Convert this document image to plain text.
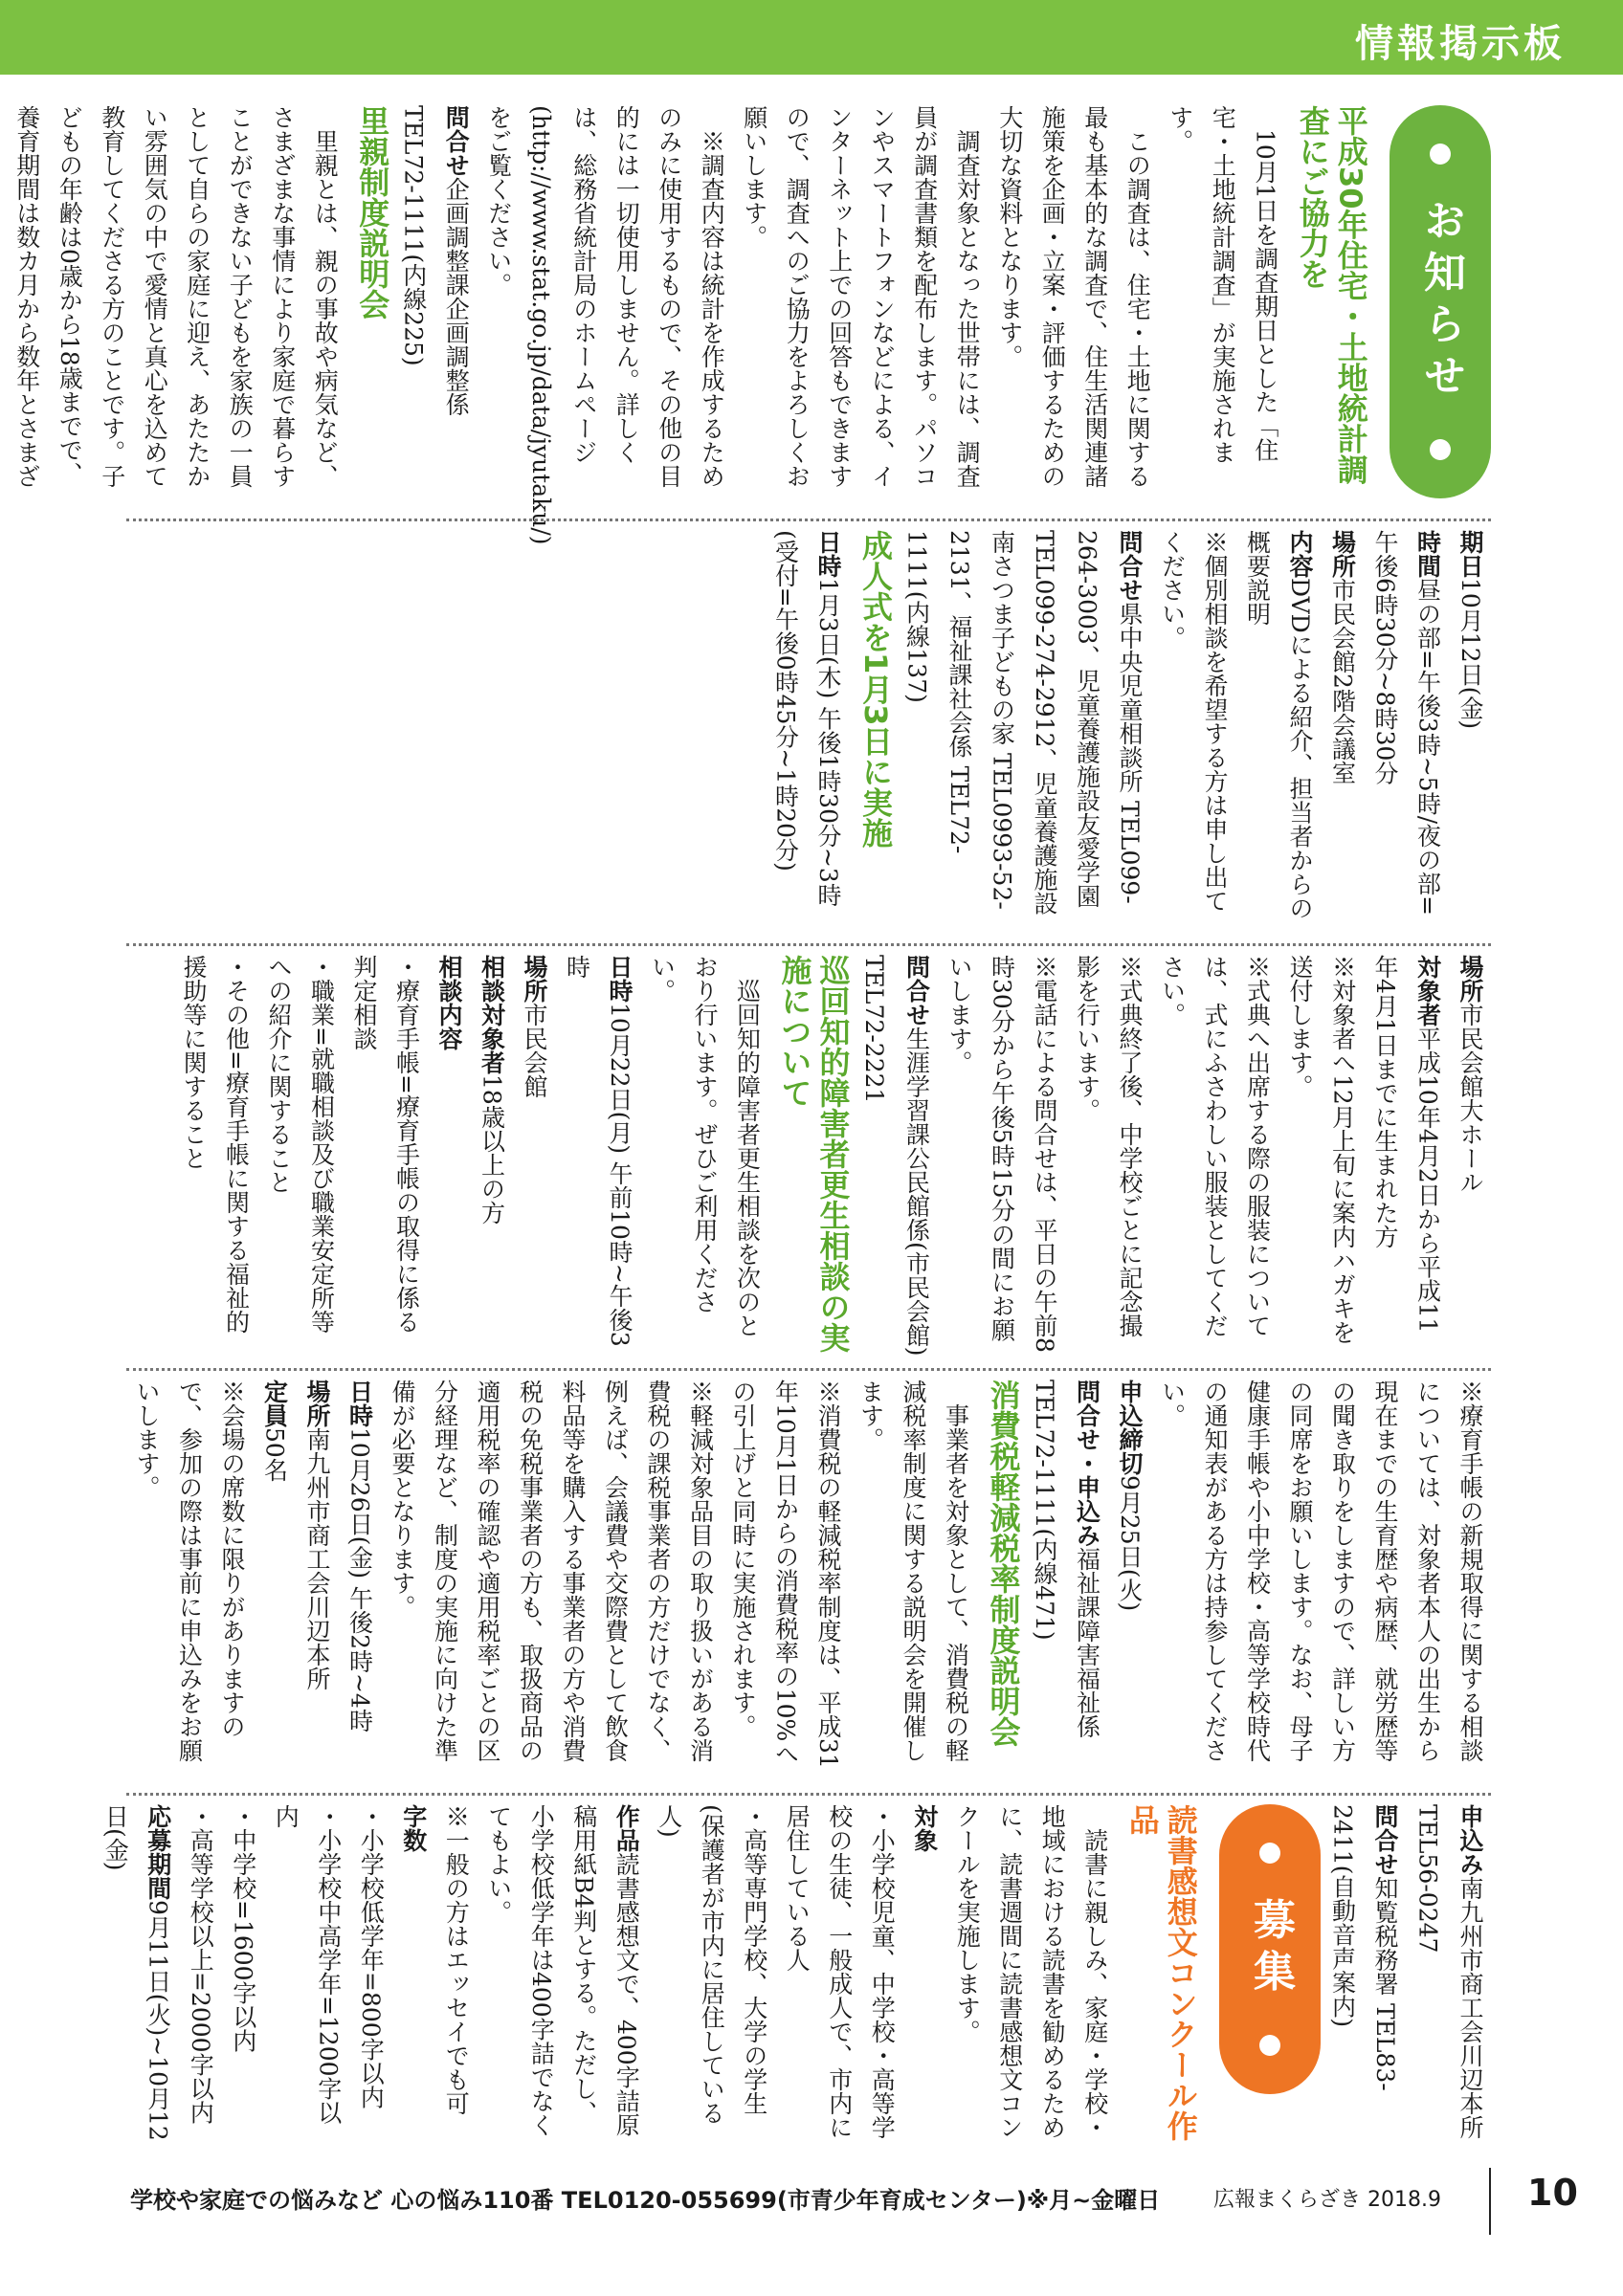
情報掲示板
お知らせ
平成30年住宅・土地統計調査にご協力を

10月1日を調査期日とした「住宅・土地統計調査」が実施されます。

この調査は、住宅・土地に関する最も基本的な調査で、住生活関連諸施策を企画・立案・評価するための大切な資料となります。

調査対象となった世帯には、調査員が調査書類を配布します。パソコンやスマートフォンなどによる、インターネット上での回答もできますので、調査へのご協力をよろしくお願いします。

※調査内容は統計を作成するためのみに使用するもので、その他の目的には一切使用しません。詳しくは、総務省統計局のホームページ(http://www.stat.go.jp/data/jyutaku/)をご覧ください。

問合せ企画調整課企画調整係 TEL72-1111(内線225)
里親制度説明会

里親とは、親の事故や病気など、さまざまな事情により家庭で暮らすことができない子どもを家族の一員として自らの家庭に迎え、あたたかい雰囲気の中で愛情と真心を込めて教育してくださる方のことです。子どもの年齢は0歳から18歳までで、養育期間は数カ月から数年とさまざ

期日10月12日(金)
時間昼の部=午後3時~5時/夜の部=午後6時30分~8時30分
場所市民会館2階会議室
内容DVDによる紹介、担当者からの概要説明
※個別相談を希望する方は申し出てください。
問合せ県中央児童相談所 TEL099-264-3003、児童養護施設友愛学園 TEL099-274-2912、児童養護施設南さつま子どもの家 TEL0993-52-2131、福祉課社会係 TEL72-1111(内線137)
成人式を1月3日に実施
日時1月3日(木) 午後1時30分~3時(受付=午後0時45分~1時20分)
場所市民会館大ホール
対象者平成10年4月2日から平成11年4月1日までに生まれた方
※対象者へ12月上旬に案内ハガキを送付します。
※式典へ出席する際の服装については、式にふさわしい服装としてください。
※式典終了後、中学校ごとに記念撮影を行います。
※電話による問合せは、平日の午前8時30分から午後5時15分の間にお願いします。
問合せ生涯学習課公民館係(市民会館) TEL72-2221
巡回知的障害者更生相談の実施について

巡回知的障害者更生相談を次のとおり行います。ぜひご利用ください。

日時10月22日(月) 午前10時~午後3時
場所市民会館
相談対象者18歳以上の方
相談内容
・療育手帳=療育手帳の取得に係る判定相談
・職業=就職相談及び職業安定所等への紹介に関すること
・その他=療育手帳に関する福祉的援助等に関すること
※療育手帳の新規取得に関する相談については、対象者本人の出生から現在までの生育歴や病歴、就労歴等の聞き取りをしますので、詳しい方の同席をお願いします。なお、母子健康手帳や小中学校・高等学校時代の通知表がある方は持参してください。
申込締切9月25日(火)
問合せ・申込み福祉課障害福祉係 TEL72-1111(内線471)
消費税軽減税率制度説明会

事業者を対象として、消費税の軽減税率制度に関する説明会を開催します。

※消費税の軽減税率制度は、平成31年10月1日からの消費税率の10%への引上げと同時に実施されます。
※軽減対象品目の取り扱いがある消費税の課税事業者の方だけでなく、例えば、会議費や交際費として飲食料品等を購入する事業者の方や消費税の免税事業者の方も、取扱商品の適用税率の確認や適用税率ごとの区分経理など、制度の実施に向けた準備が必要となります。
日時10月26日(金) 午後2時~4時
場所南九州市商工会川辺本所
定員50名
※会場の席数に限りがありますので、参加の際は事前に申込みをお願いします。
申込み南九州市商工会川辺本所 TEL56-0247
問合せ知覧税務署 TEL83-2411(自動音声案内)
募集
読書感想文コンクール作品

読書に親しみ、家庭・学校・地域における読書を勧めるために、読書週間に読書感想文コンクールを実施します。

対象
・小学校児童、中学校・高等学校の生徒、一般成人で、市内に居住している人
・高等専門学校、大学の学生(保護者が市内に居住している人)
作品読書感想文で、400字詰原稿用紙B4判とする。ただし、小学校低学年は400字詰でなくてもよい。
※一般の方はエッセイでも可
字数
・小学校低学年=800字以内
・小学校中高学年=1200字以内
・中学校=1600字以内
・高等学校以上=2000字以内
応募期間9月11日(火)~10月12日(金)
学校や家庭での悩みなど 心の悩み110番 TEL0120-055699(市青少年育成センター)※月~金曜日	広報まくらざき 2018.9 10
